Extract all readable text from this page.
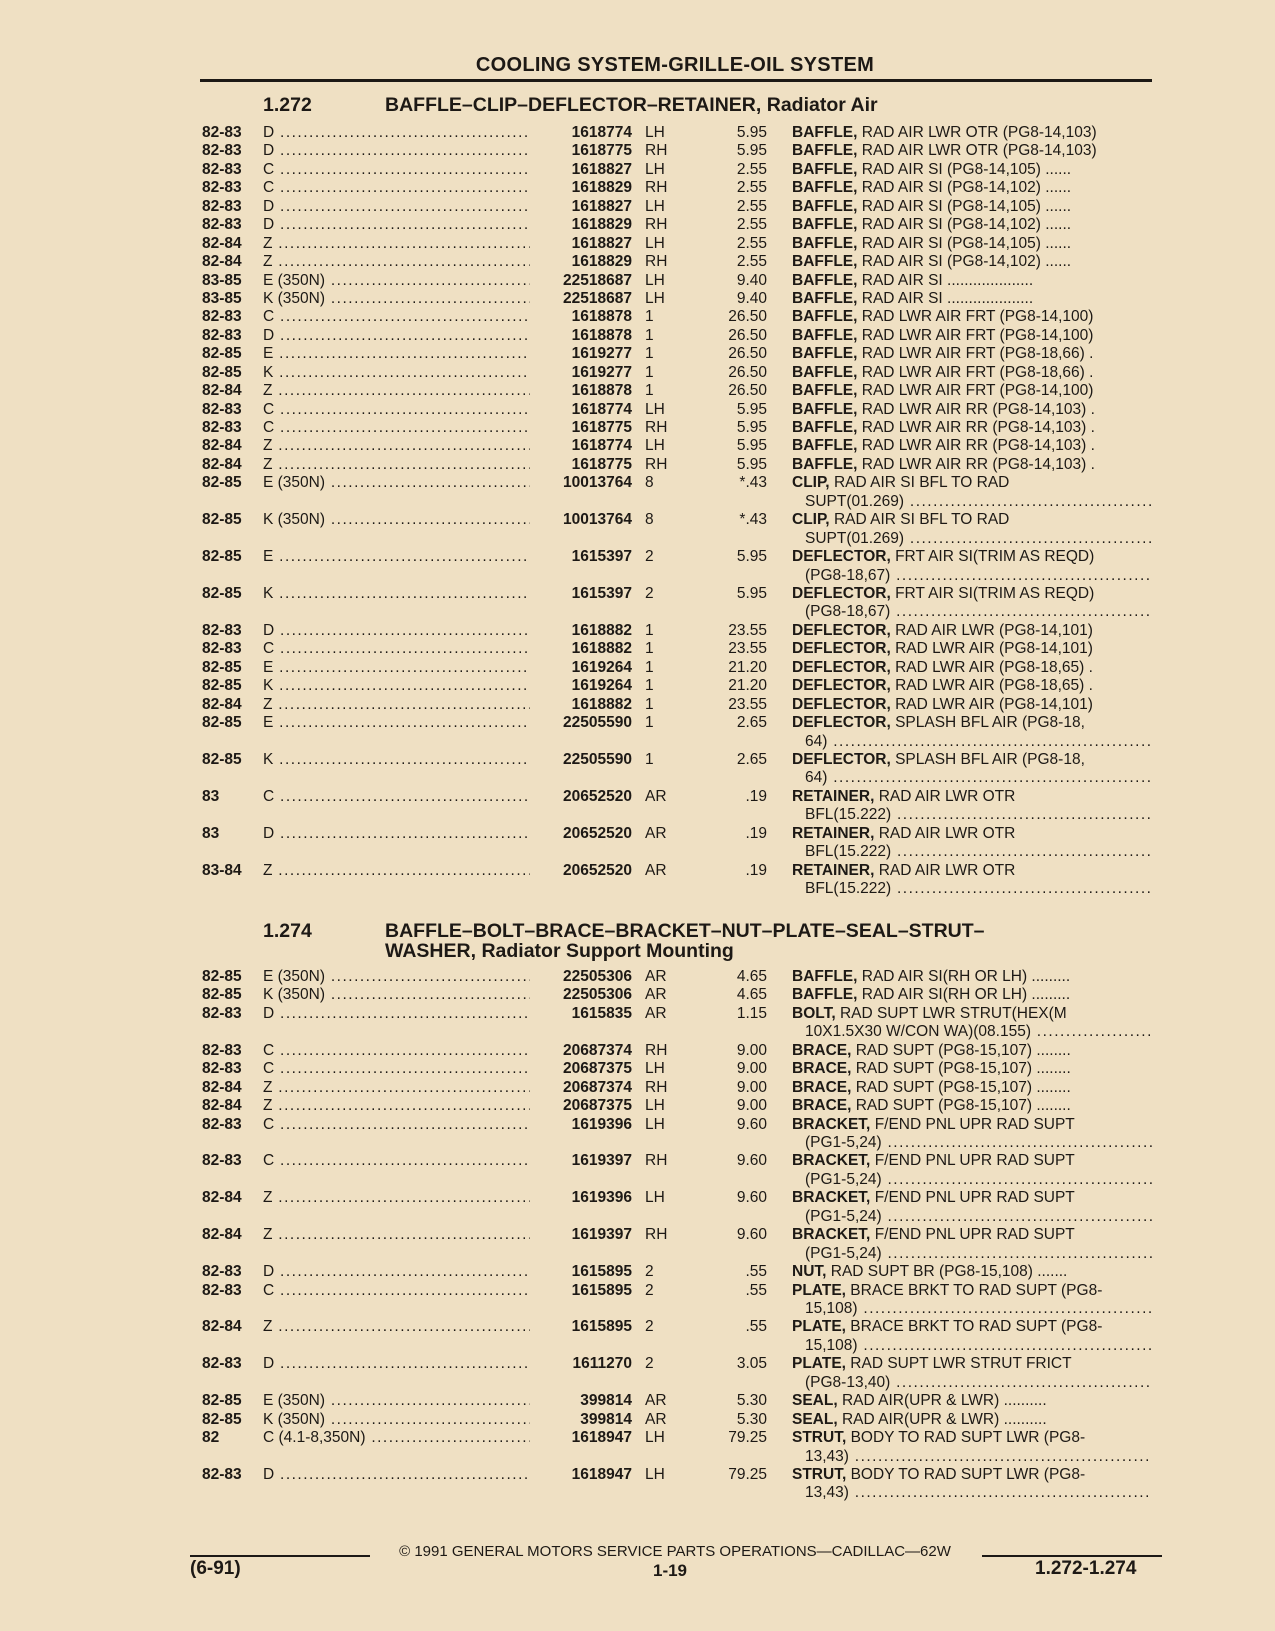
COOLING SYSTEM-GRILLE-OIL SYSTEM
1.272	BAFFLE–CLIP–DEFLECTOR–RETAINER, Radiator Air
82-83 D .....	1618774 LH	5.95 BAFFLE, RAD AIR LWR OTR (PG8-14,103)
82-83 D .....	1618775 RH	5.95 BAFFLE, RAD AIR LWR OTR (PG8-14,103)
82-83 C .....	1618827 LH	2.55 BAFFLE, RAD AIR SI (PG8-14,105) ......
82-83 C .....	1618829 RH	2.55 BAFFLE, RAD AIR SI (PG8-14,102) ......
82-83 D .....	1618827 LH	2.55 BAFFLE, RAD AIR SI (PG8-14,105) ......
82-83 D .....	1618829 RH	2.55 BAFFLE, RAD AIR SI (PG8-14,102) ......
82-84 Z .....	1618827 LH	2.55 BAFFLE, RAD AIR SI (PG8-14,105) ......
82-84 Z .....	1618829 RH	2.55 BAFFLE, RAD AIR SI (PG8-14,102) ......
83-85 E (350N) .....	22518687 LH	9.40 BAFFLE, RAD AIR SI ....................
83-85 K (350N) .....	22518687 LH	9.40 BAFFLE, RAD AIR SI ....................
82-83 C .....	1618878 1	26.50 BAFFLE, RAD LWR AIR FRT (PG8-14,100)
82-83 D .....	1618878 1	26.50 BAFFLE, RAD LWR AIR FRT (PG8-14,100)
82-85 E .....	1619277 1	26.50 BAFFLE, RAD LWR AIR FRT (PG8-18,66) .
82-85 K .....	1619277 1	26.50 BAFFLE, RAD LWR AIR FRT (PG8-18,66) .
82-84 Z .....	1618878 1	26.50 BAFFLE, RAD LWR AIR FRT (PG8-14,100)
82-83 C .....	1618774 LH	5.95 BAFFLE, RAD LWR AIR RR (PG8-14,103) .
82-83 C .....	1618775 RH	5.95 BAFFLE, RAD LWR AIR RR (PG8-14,103) .
82-84 Z .....	1618774 LH	5.95 BAFFLE, RAD LWR AIR RR (PG8-14,103) .
82-84 Z .....	1618775 RH	5.95 BAFFLE, RAD LWR AIR RR (PG8-14,103) .
82-85 E (350N) .....	10013764 8	*.43 CLIP, RAD AIR SI BFL TO RAD
SUPT(01.269) .....
82-85 K (350N) .....	10013764 8	*.43 CLIP, RAD AIR SI BFL TO RAD
SUPT(01.269) .....
82-85 E .....	1615397 2	5.95 DEFLECTOR, FRT AIR SI(TRIM AS REQD)
(PG8-18,67) .....
82-85 K .....	1615397 2	5.95 DEFLECTOR, FRT AIR SI(TRIM AS REQD)
(PG8-18,67) .....
82-83 D .....	1618882 1	23.55 DEFLECTOR, RAD AIR LWR (PG8-14,101)
82-83 C .....	1618882 1	23.55 DEFLECTOR, RAD LWR AIR (PG8-14,101)
82-85 E .....	1619264 1	21.20 DEFLECTOR, RAD LWR AIR (PG8-18,65) .
82-85 K .....	1619264 1	21.20 DEFLECTOR, RAD LWR AIR (PG8-18,65) .
82-84 Z .....	1618882 1	23.55 DEFLECTOR, RAD LWR AIR (PG8-14,101)
82-85 E .....	22505590 1	2.65 DEFLECTOR, SPLASH BFL AIR (PG8-18,
64) .....
82-85 K .....	22505590 1	2.65 DEFLECTOR, SPLASH BFL AIR (PG8-18,
64) .....
83	C .....	20652520 AR	.19 RETAINER, RAD AIR LWR OTR
BFL(15.222) .....
83	D .....	20652520 AR	.19 RETAINER, RAD AIR LWR OTR
BFL(15.222) .....
83-84 Z .....	20652520 AR	.19 RETAINER, RAD AIR LWR OTR
BFL(15.222) .....
1.274	BAFFLE–BOLT–BRACE–BRACKET–NUT–PLATE–SEAL–STRUT–
WASHER, Radiator Support Mounting
82-85 E (350N) .....	22505306 AR	4.65 BAFFLE, RAD AIR SI(RH OR LH) .........
82-85 K (350N) .....	22505306 AR	4.65 BAFFLE, RAD AIR SI(RH OR LH) .........
82-83 D .....	1615835 AR	1.15 BOLT, RAD SUPT LWR STRUT(HEX(M
10X1.5X30 W/CON WA)(08.155) .....
82-83 C .....	20687374 RH	9.00 BRACE, RAD SUPT (PG8-15,107) ........
82-83 C .....	20687375 LH	9.00 BRACE, RAD SUPT (PG8-15,107) ........
82-84 Z .....	20687374 RH	9.00 BRACE, RAD SUPT (PG8-15,107) ........
82-84 Z .....	20687375 LH	9.00 BRACE, RAD SUPT (PG8-15,107) ........
82-83 C .....	1619396 LH	9.60 BRACKET, F/END PNL UPR RAD SUPT
(PG1-5,24) .....
82-83 C .....	1619397 RH	9.60 BRACKET, F/END PNL UPR RAD SUPT
(PG1-5,24) .....
82-84 Z .....	1619396 LH	9.60 BRACKET, F/END PNL UPR RAD SUPT
(PG1-5,24) .....
82-84 Z .....	1619397 RH	9.60 BRACKET, F/END PNL UPR RAD SUPT
(PG1-5,24) .....
82-83 D .....	1615895 2	.55 NUT, RAD SUPT BR (PG8-15,108) .......
82-83 C .....	1615895 2	.55 PLATE, BRACE BRKT TO RAD SUPT (PG8-
15,108) .....
82-84 Z .....	1615895 2	.55 PLATE, BRACE BRKT TO RAD SUPT (PG8-
15,108) .....
82-83 D .....	1611270 2	3.05 PLATE, RAD SUPT LWR STRUT FRICT
(PG8-13,40) .....
82-85 E (350N) .....	399814 AR	5.30 SEAL, RAD AIR(UPR & LWR) ..........
82-85 K (350N) .....	399814 AR	5.30 SEAL, RAD AIR(UPR & LWR) ..........
82	C (4.1-8,350N) .....	1618947 LH	79.25 STRUT, BODY TO RAD SUPT LWR (PG8-
13,43) .....
82-83 D .....	1618947 LH	79.25 STRUT, BODY TO RAD SUPT LWR (PG8-
13,43) .....
© 1991 GENERAL MOTORS SERVICE PARTS OPERATIONS—CADILLAC—62W
(6-91)	1-19	1.272-1.274
